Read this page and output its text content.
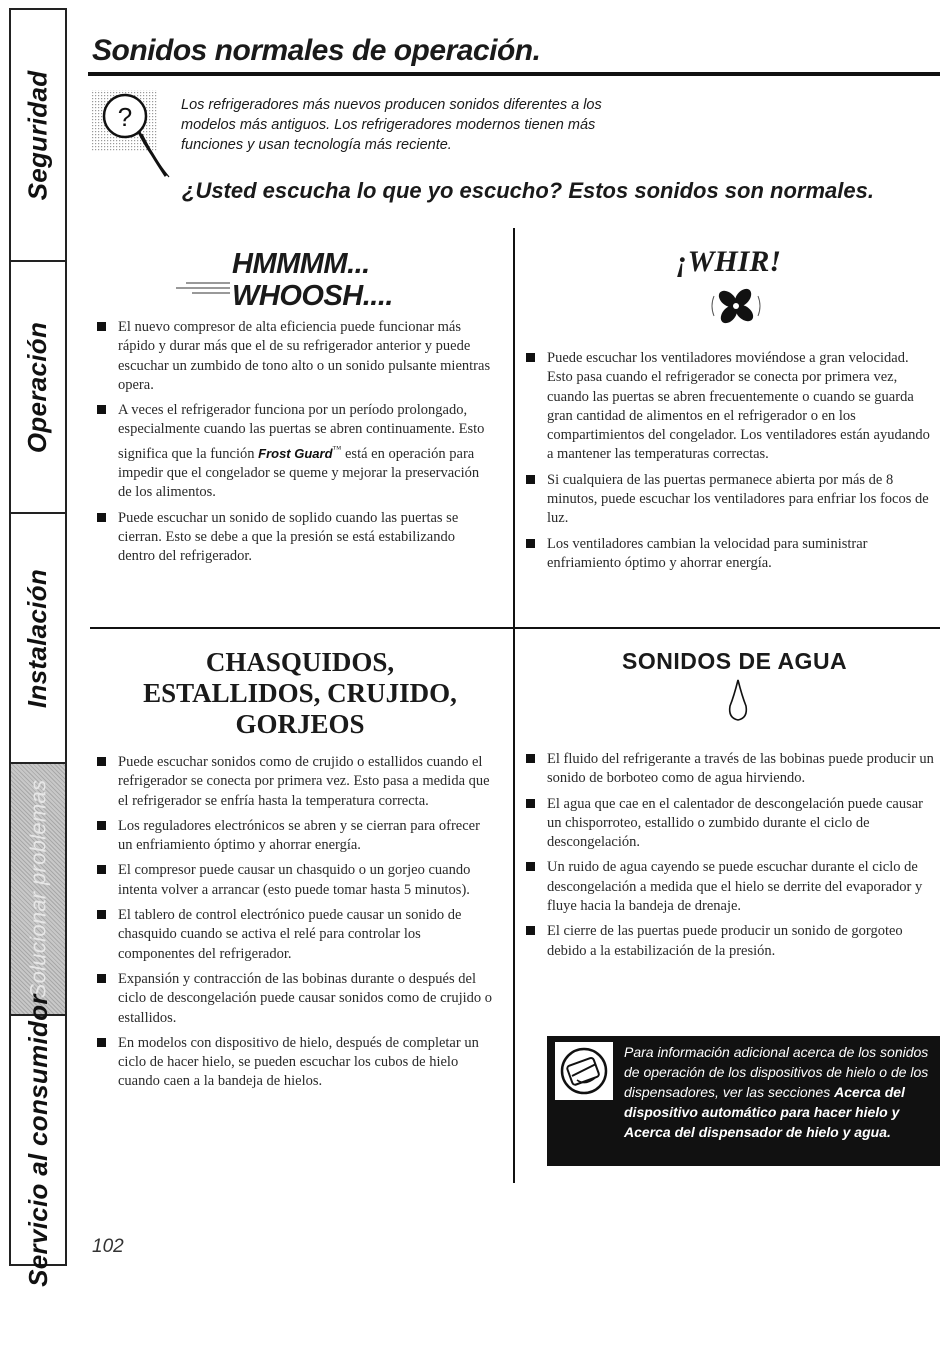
Seguridad
Operación
Instalación
Solucionar problemas
Servicio al consumidor
Sonidos normales de operación.
?	Los refrigeradores más nuevos producen sonidos diferentes a los modelos más antiguos. Los refrigeradores modernos tienen más funciones y usan tecnología más reciente.

¿Usted escucha lo que yo escucho? Estos sonidos son normales.
HMMMM...
WHOOSH....
El nuevo compresor de alta eficiencia puede funcionar más rápido y durar más que el de su refrigerador anterior y puede escuchar un zumbido de tono alto o un sonido pulsante mientras opera.
A veces el refrigerador funciona por un período prolongado, especialmente cuando las puertas se abren continuamente. Esto significa que la función Frost Guard™ está en operación para impedir que el congelador se queme y mejorar la preservación de los alimentos.
Puede escuchar un sonido de soplido cuando las puertas se cierran. Esto se debe a que la presión se está estabilizando dentro del refrigerador.
¡WHIR!
Puede escuchar los ventiladores moviéndose a gran velocidad. Esto pasa cuando el refrigerador se conecta por primera vez, cuando las puertas se abren frecuentemente o cuando se guarda gran cantidad de alimentos en el refrigerador o en los compartimientos del congelador. Los ventiladores están ayudando a mantener las temperaturas correctas.
Si cualquiera de las puertas permanece abierta por más de 8 minutos, puede escuchar los ventiladores para enfriar los focos de luz.
Los ventiladores cambian la velocidad para suministrar enfriamiento óptimo y ahorrar energía.
CHASQUIDOS,
ESTALLIDOS, CRUJIDO,
GORJEOS
Puede escuchar sonidos como de crujido o estallidos cuando el refrigerador se conecta por primera vez. Esto pasa a medida que el refrigerador se enfría hasta la temperatura correcta.
Los reguladores electrónicos se abren y se cierran para ofrecer un enfriamiento óptimo y ahorrar energía.
El compresor puede causar un chasquido o un gorjeo cuando intenta volver a arrancar (esto puede tomar hasta 5 minutos).
El tablero de control electrónico puede causar un sonido de chasquido cuando se activa el relé para controlar los componentes del refrigerador.
Expansión y contracción de las bobinas durante o después del ciclo de descongelación puede causar sonidos como de crujido o estallidos.
En modelos con dispositivo de hielo, después de completar un ciclo de hacer hielo, se pueden escuchar los cubos de hielo cuando caen a la bandeja de hielos.
SONIDOS DE AGUA
El fluido del refrigerante a través de las bobinas puede producir un sonido de borboteo como de agua hirviendo.
El agua que cae en el calentador de descongelación puede causar un chisporroteo, estallido o zumbido durante el ciclo de descongelación.
Un ruido de agua cayendo se puede escuchar durante el ciclo de descongelación a medida que el hielo se derrite del evaporador y fluye hacia la bandeja de drenaje.
El cierre de las puertas puede producir un sonido de gorgoteo debido a la estabilización de la presión.

Para información adicional acerca de los sonidos de operación de los dispositivos de hielo o de los dispensadores, ver las secciones Acerca del dispositivo automático para hacer hielo y Acerca del dispensador de hielo y agua.

102
